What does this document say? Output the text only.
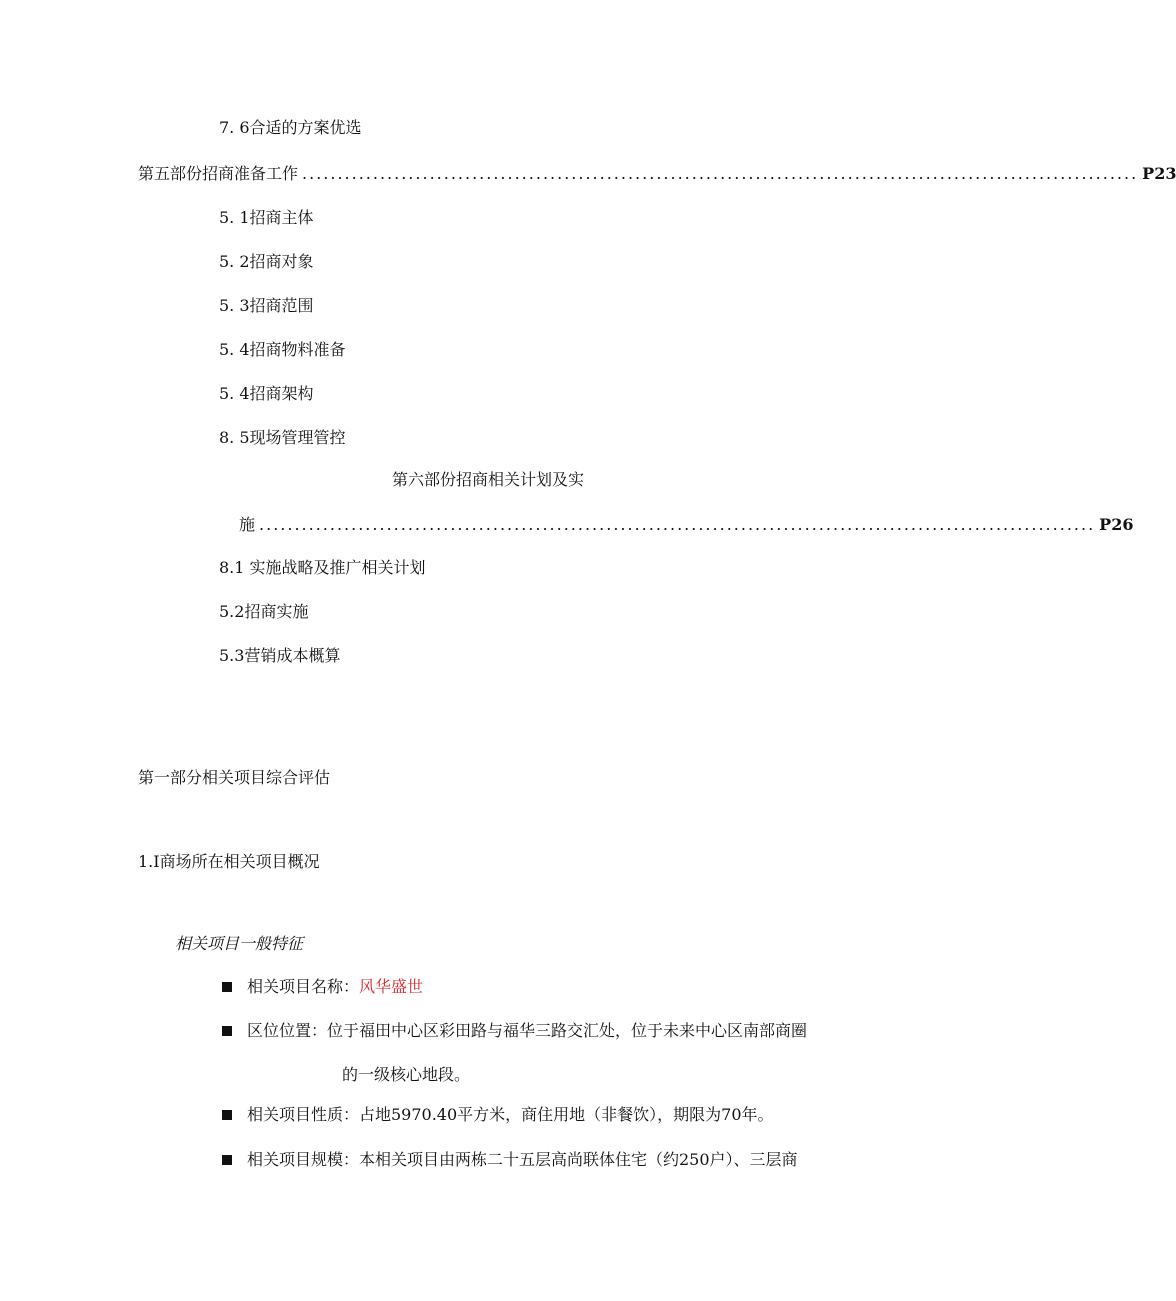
7. 6合适的方案优选
第五部份招商准备工作 ...................................................................................................................... P23
5. 1招商主体
5. 2招商对象
5. 3招商范围
5. 4招商物料准备
5. 4招商架构
8. 5现场管理管控
第六部份招商相关计划及实
施 ...................................................................................................................... P26
8.1 实施战略及推广相关计划
5.2招商实施
5.3营销成本概算
第一部分相关项目综合评估
1.I商场所在相关项目概况
相关项目一般特征
相关项目名称：风华盛世
区位位置：位于福田中心区彩田路与福华三路交汇处，位于未来中心区南部商圈
的一级核心地段。
相关项目性质：占地5970.40平方米，商住用地（非餐饮），期限为70年。
相关项目规模：本相关项目由两栋二十五层高尚联体住宅（约250户）、三层商
